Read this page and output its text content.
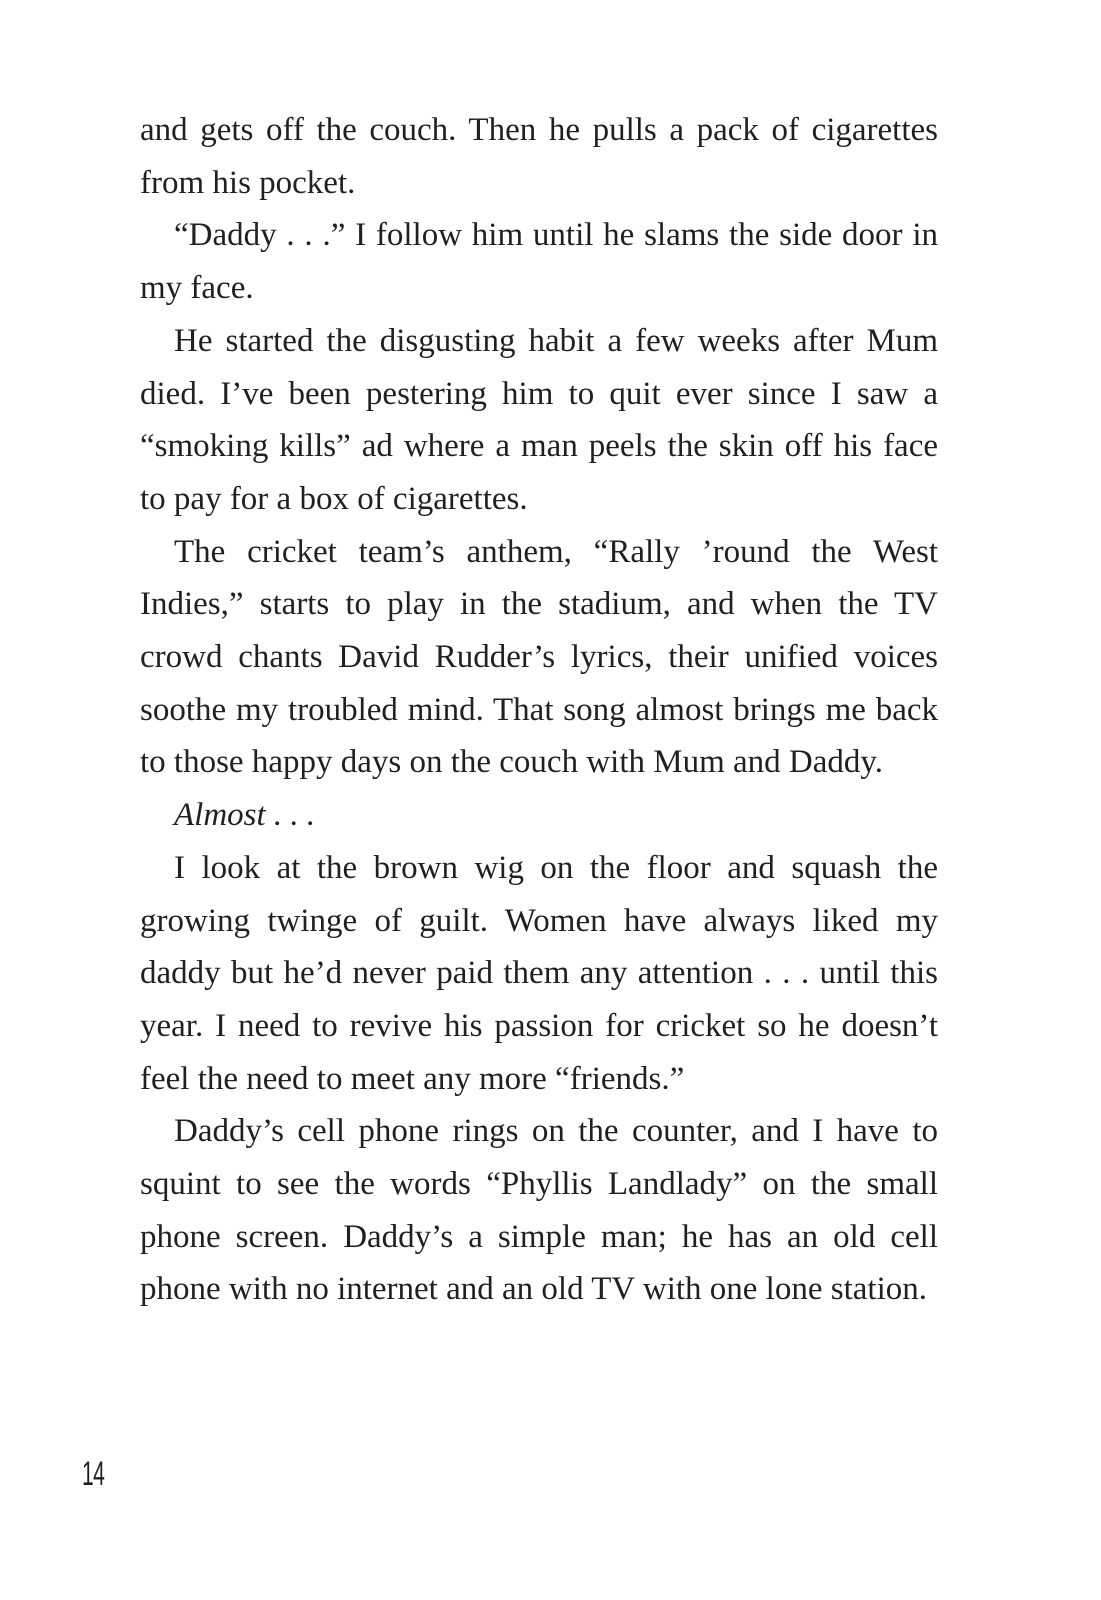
and gets off the couch. Then he pulls a pack of cigarettes from his pocket.

“Daddy . . .” I follow him until he slams the side door in my face.

He started the disgusting habit a few weeks after Mum died. I’ve been pestering him to quit ever since I saw a “smoking kills” ad where a man peels the skin off his face to pay for a box of cigarettes.

The cricket team’s anthem, “Rally ’round the West Indies,” starts to play in the stadium, and when the TV crowd chants David Rudder’s lyrics, their unified voices soothe my troubled mind. That song almost brings me back to those happy days on the couch with Mum and Daddy.

Almost . . .

I look at the brown wig on the floor and squash the growing twinge of guilt. Women have always liked my daddy but he’d never paid them any attention . . . until this year. I need to revive his passion for cricket so he doesn’t feel the need to meet any more “friends.”

Daddy’s cell phone rings on the counter, and I have to squint to see the words “Phyllis Landlady” on the small phone screen. Daddy’s a simple man; he has an old cell phone with no internet and an old TV with one lone station.

14
